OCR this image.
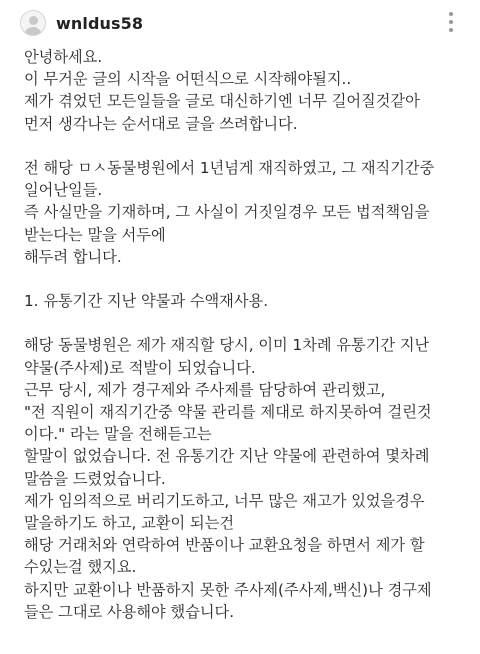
wnldus58
안녕하세요.
이 무거운 글의 시작을 어떤식으로 시작해야될지..
제가 겪었던 모든일들을 글로 대신하기엔 너무 길어질것같아
먼저 생각나는 순서대로 글을 쓰려합니다.
전 해당 ㅁㅅ동물병원에서 1년넘게 재직하였고, 그 재직기간중
일어난일들.
즉 사실만을 기재하며, 그 사실이 거짓일경우 모든 법적책임을
받는다는 말을 서두에
해두려 합니다.
1. 유통기간 지난 약물과 수액재사용.
해당 동물병원은 제가 재직할 당시, 이미 1차례 유통기간 지난
약물(주사제)로 적발이 되었습니다.
근무 당시, 제가 경구제와 주사제를 담당하여 관리했고,
"전 직원이 재직기간중 약물 관리를 제대로 하지못하여 걸린것
이다." 라는 말을 전해듣고는
할말이 없었습니다. 전 유통기간 지난 약물에 관련하여 몇차례
말씀을 드렸었습니다.
제가 임의적으로 버리기도하고, 너무 많은 재고가 있었을경우
말을하기도 하고, 교환이 되는건
해당 거래처와 연락하여 반품이나 교환요청을 하면서 제가 할
수있는걸 했지요.
하지만 교환이나 반품하지 못한 주사제(주사제,백신)나 경구제
들은 그대로 사용해야 했습니다.
